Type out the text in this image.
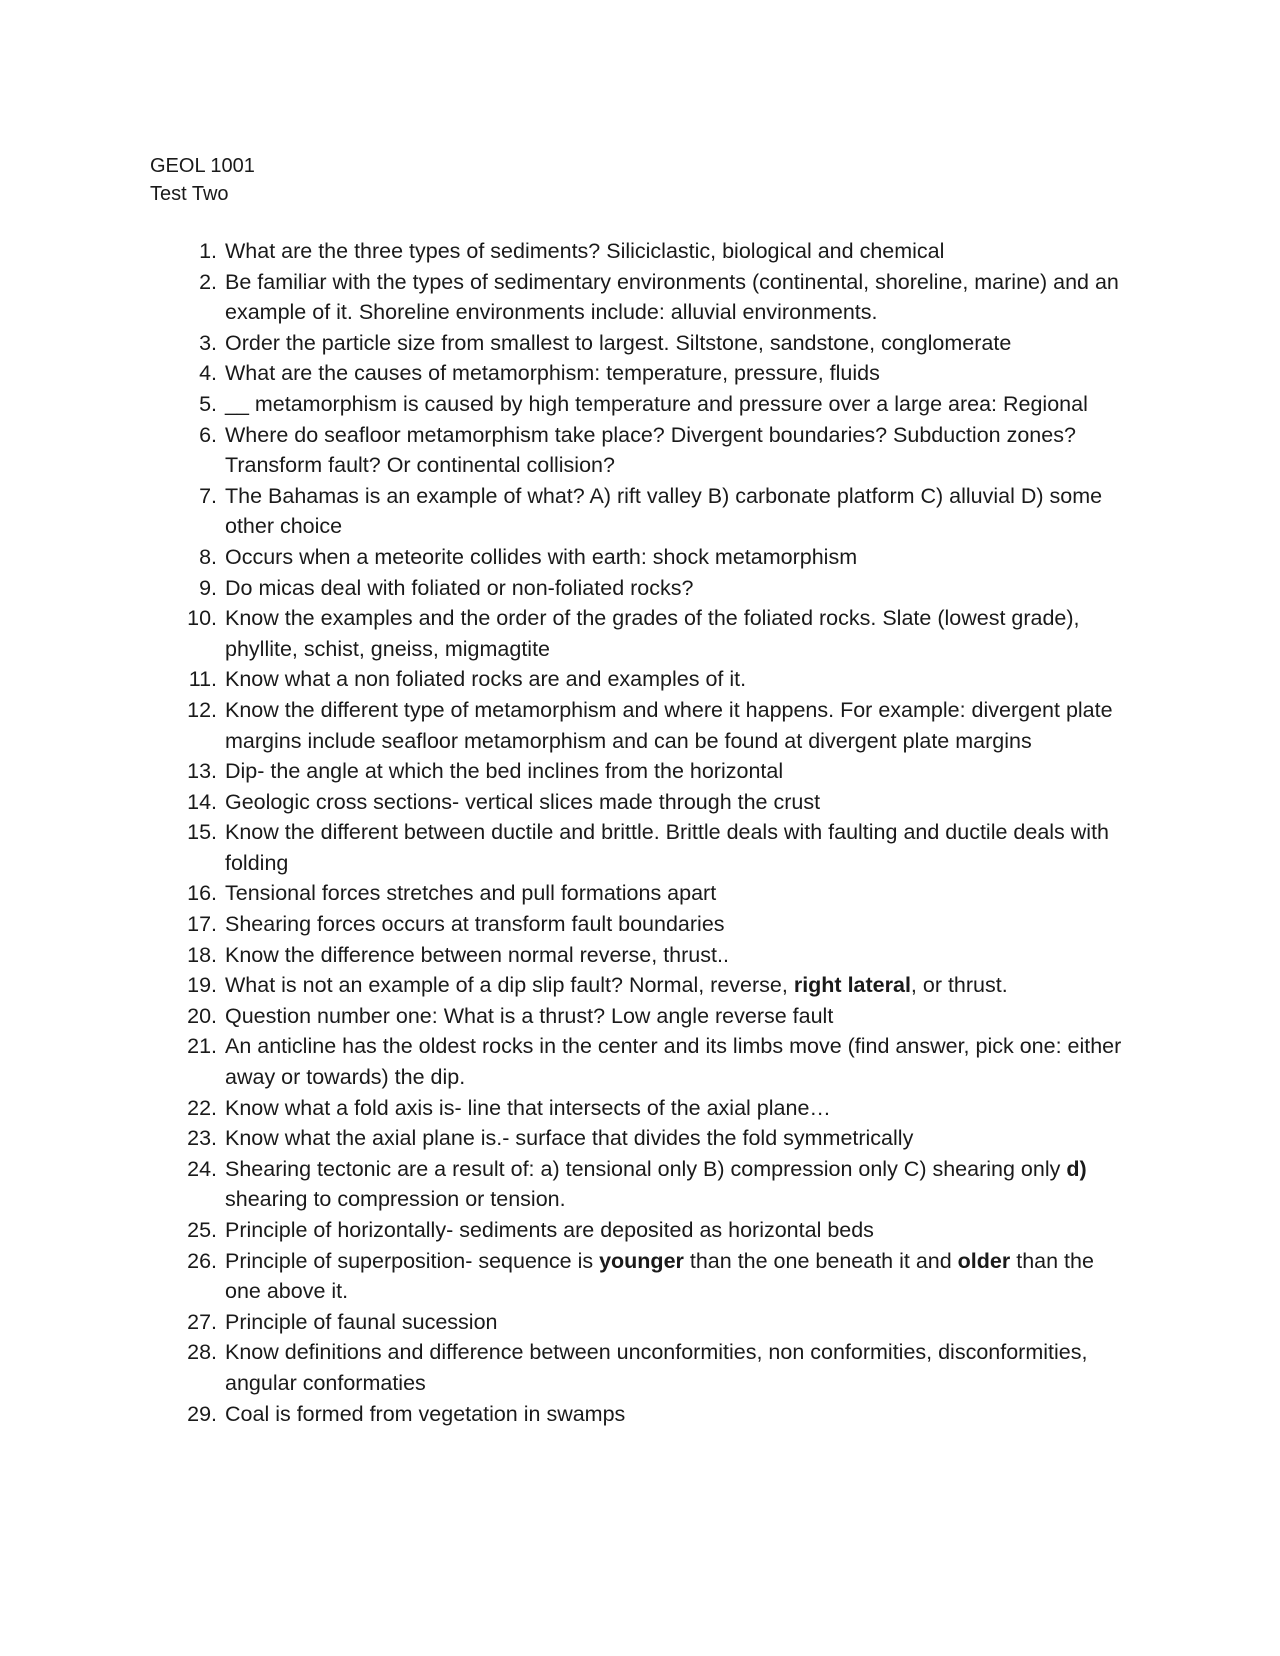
GEOL 1001
Test Two
1. What are the three types of sediments? Siliciclastic, biological and chemical
2. Be familiar with the types of sedimentary environments (continental, shoreline, marine) and an example of it. Shoreline environments include: alluvial environments.
3. Order the particle size from smallest to largest. Siltstone, sandstone, conglomerate
4. What are the causes of metamorphism: temperature, pressure, fluids
5. __ metamorphism is caused by high temperature and pressure over a large area: Regional
6. Where do seafloor metamorphism take place? Divergent boundaries? Subduction zones? Transform fault? Or continental collision?
7. The Bahamas is an example of what? A) rift valley B) carbonate platform C) alluvial D) some other choice
8. Occurs when a meteorite collides with earth: shock metamorphism
9. Do micas deal with foliated or non-foliated rocks?
10. Know the examples and the order of the grades of the foliated rocks. Slate (lowest grade), phyllite, schist, gneiss, migmagtite
11. Know what a non foliated rocks are and examples of it.
12. Know the different type of metamorphism and where it happens. For example: divergent plate margins include seafloor metamorphism and can be found at divergent plate margins
13. Dip- the angle at which the bed inclines from the horizontal
14. Geologic cross sections- vertical slices made through the crust
15. Know the different between ductile and brittle. Brittle deals with faulting and ductile deals with folding
16. Tensional forces stretches and pull formations apart
17. Shearing forces occurs at transform fault boundaries
18. Know the difference between normal reverse, thrust..
19. What is not an example of a dip slip fault? Normal, reverse, right lateral, or thrust.
20. Question number one: What is a thrust? Low angle reverse fault
21. An anticline has the oldest rocks in the center and its limbs move (find answer, pick one: either away or towards) the dip.
22. Know what a fold axis is- line that intersects of the axial plane…
23. Know what the axial plane is.- surface that divides the fold symmetrically
24. Shearing tectonic are a result of: a) tensional only B) compression only C) shearing only d) shearing to compression or tension.
25. Principle of horizontally- sediments are deposited as horizontal beds
26. Principle of superposition- sequence is younger than the one beneath it and older than the one above it.
27. Principle of faunal sucession
28. Know definitions and difference between unconformities, non conformities, disconformities, angular conformaties
29. Coal is formed from vegetation in swamps
